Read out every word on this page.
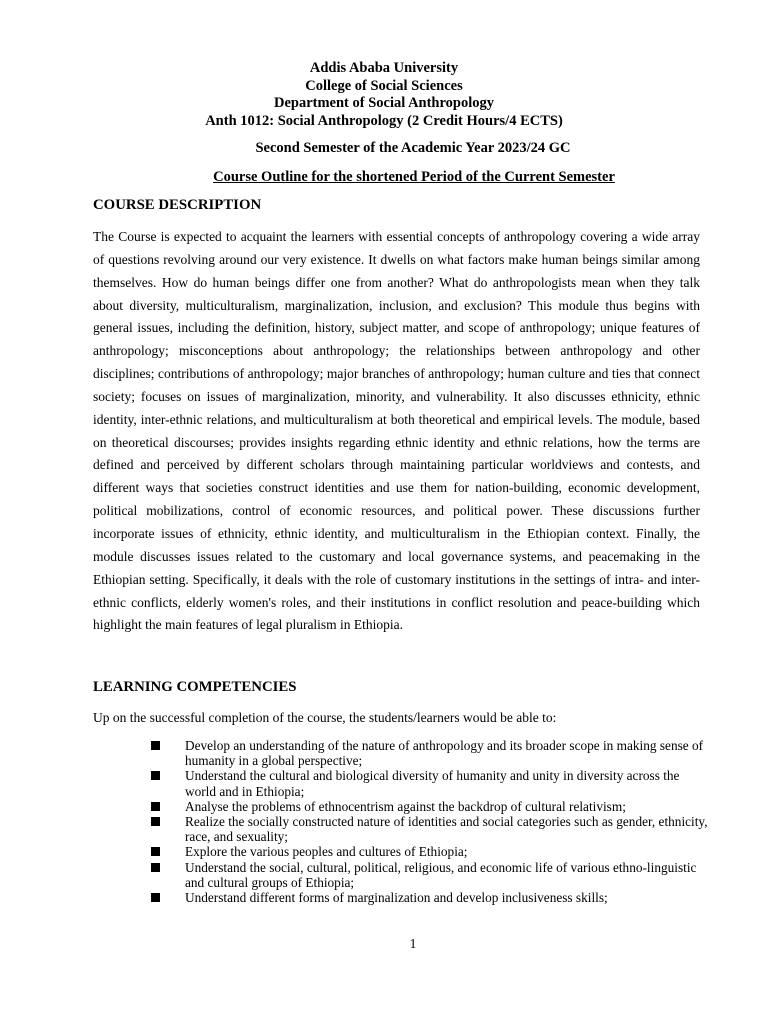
Addis Ababa University

College of Social Sciences

Department of Social Anthropology

Anth 1012: Social Anthropology (2 Credit Hours/4 ECTS)

Second Semester of the Academic Year 2023/24 GC

Course Outline for the shortened Period of the Current Semester

COURSE DESCRIPTION

The Course is expected to acquaint the learners with essential concepts of anthropology covering a wide array of questions revolving around our very existence. It dwells on what factors make human beings similar among themselves. How do human beings differ one from another? What do anthropologists mean when they talk about diversity, multiculturalism, marginalization, inclusion, and exclusion? This module thus begins with general issues, including the definition, history, subject matter, and scope of anthropology; unique features of anthropology; misconceptions about anthropology; the relationships between anthropology and other disciplines; contributions of anthropology; major branches of anthropology; human culture and ties that connect society; focuses on issues of marginalization, minority, and vulnerability. It also discusses ethnicity, ethnic identity, inter-ethnic relations, and multiculturalism at both theoretical and empirical levels. The module, based on theoretical discourses; provides insights regarding ethnic identity and ethnic relations, how the terms are defined and perceived by different scholars through maintaining particular worldviews and contests, and different ways that societies construct identities and use them for nation-building, economic development, political mobilizations, control of economic resources, and political power. These discussions further incorporate issues of ethnicity, ethnic identity, and multiculturalism in the Ethiopian context. Finally, the module discusses issues related to the customary and local governance systems, and peacemaking in the Ethiopian setting. Specifically, it deals with the role of customary institutions in the settings of intra- and inter-ethnic conflicts, elderly women's roles, and their institutions in conflict resolution and peace-building which highlight the main features of legal pluralism in Ethiopia.

LEARNING COMPETENCIES

Up on the successful completion of the course, the students/learners would be able to:

Develop an understanding of the nature of anthropology and its broader scope in making sense of humanity in a global perspective;
Understand the cultural and biological diversity of humanity and unity in diversity across the world and in Ethiopia;
Analyse the problems of ethnocentrism against the backdrop of cultural relativism;
Realize the socially constructed nature of identities and social categories such as gender, ethnicity, race, and sexuality;
Explore the various peoples and cultures of Ethiopia;
Understand the social, cultural, political, religious, and economic life of various ethno-linguistic and cultural groups of Ethiopia;
Understand different forms of marginalization and develop inclusiveness skills;

1
